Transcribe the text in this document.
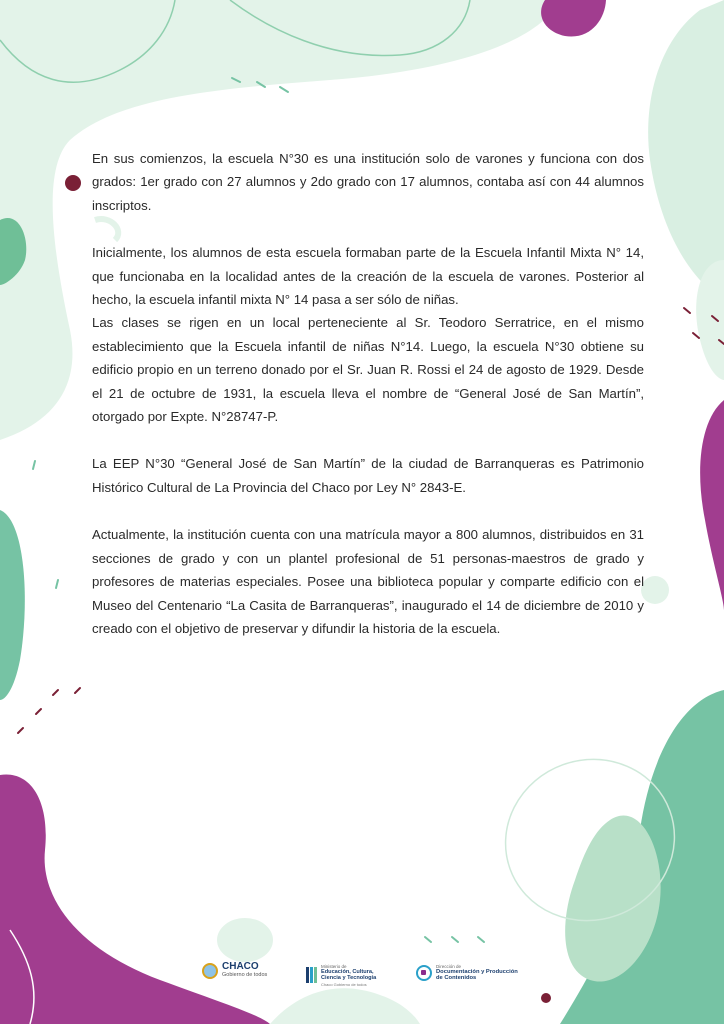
En sus comienzos, la escuela N°30 es una institución solo de varones y funciona con dos grados: 1er grado con 27 alumnos y 2do grado con 17 alumnos, contaba así con 44 alumnos inscriptos.

Inicialmente, los alumnos de esta escuela formaban parte de la Escuela Infantil Mixta N° 14, que funcionaba en la localidad antes de la creación de la escuela de varones. Posterior al hecho, la escuela infantil mixta N° 14 pasa a ser sólo de niñas.

Las clases se rigen en un local perteneciente al Sr. Teodoro Serratrice, en el mismo establecimiento que la Escuela infantil de niñas N°14. Luego, la escuela N°30 obtiene su edificio propio en un terreno donado por el Sr. Juan R. Rossi el 24 de agosto de 1929. Desde el 21 de octubre de 1931, la escuela lleva el nombre de “General José de San Martín”, otorgado por Expte. N°28747-P.

La EEP N°30 “General José de San Martín” de la ciudad de Barranqueras es Patrimonio Histórico Cultural de La Provincia del Chaco por Ley N° 2843-E.

Actualmente, la institución cuenta con una matrícula mayor a 800 alumnos, distribuidos en 31 secciones de grado y con un plantel profesional de 51 personas-maestros de grado y profesores de materias especiales. Posee una biblioteca popular y comparte edificio con el Museo del Centenario “La Casita de Barranqueras”, inaugurado el 14 de diciembre de 2010 y creado con el objetivo de preservar y difundir la historia de la escuela.

CHACO
Gobierno de todos
Ministerio de
Educación, Cultura,
Ciencia y Tecnología
Chaco Gobierno de todos
Dirección de
Documentación y Producción
de Contenidos
